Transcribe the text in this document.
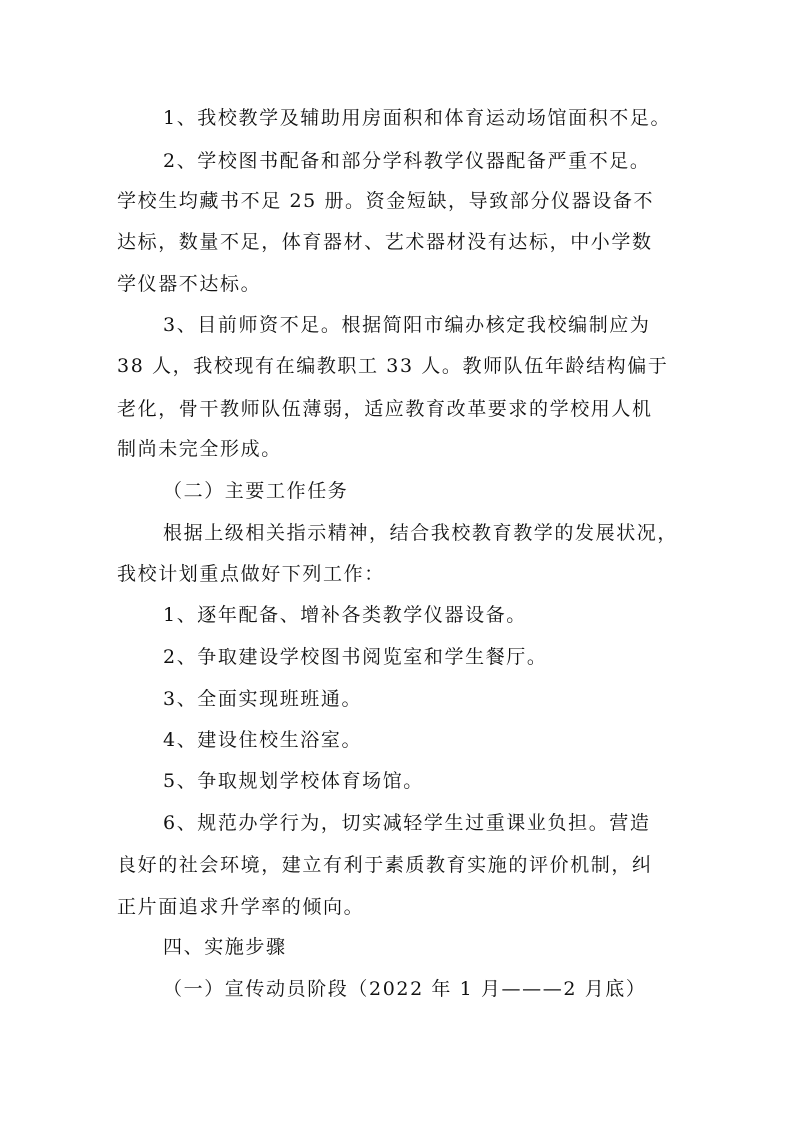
1、我校教学及辅助用房面积和体育运动场馆面积不足。
2、学校图书配备和部分学科教学仪器配备严重不足。
学校生均藏书不足 25 册。资金短缺，导致部分仪器设备不
达标，数量不足，体育器材、艺术器材没有达标，中小学数
学仪器不达标。
3、目前师资不足。根据简阳市编办核定我校编制应为
38 人，我校现有在编教职工 33 人。教师队伍年龄结构偏于
老化，骨干教师队伍薄弱，适应教育改革要求的学校用人机
制尚未完全形成。
（二）主要工作任务
根据上级相关指示精神，结合我校教育教学的发展状况，
我校计划重点做好下列工作：
1、逐年配备、增补各类教学仪器设备。
2、争取建设学校图书阅览室和学生餐厅。
3、全面实现班班通。
4、建设住校生浴室。
5、争取规划学校体育场馆。
6、规范办学行为，切实减轻学生过重课业负担。营造
良好的社会环境，建立有利于素质教育实施的评价机制，纠
正片面追求升学率的倾向。
四、实施步骤
（一）宣传动员阶段（2022 年 1 月———2 月底）
